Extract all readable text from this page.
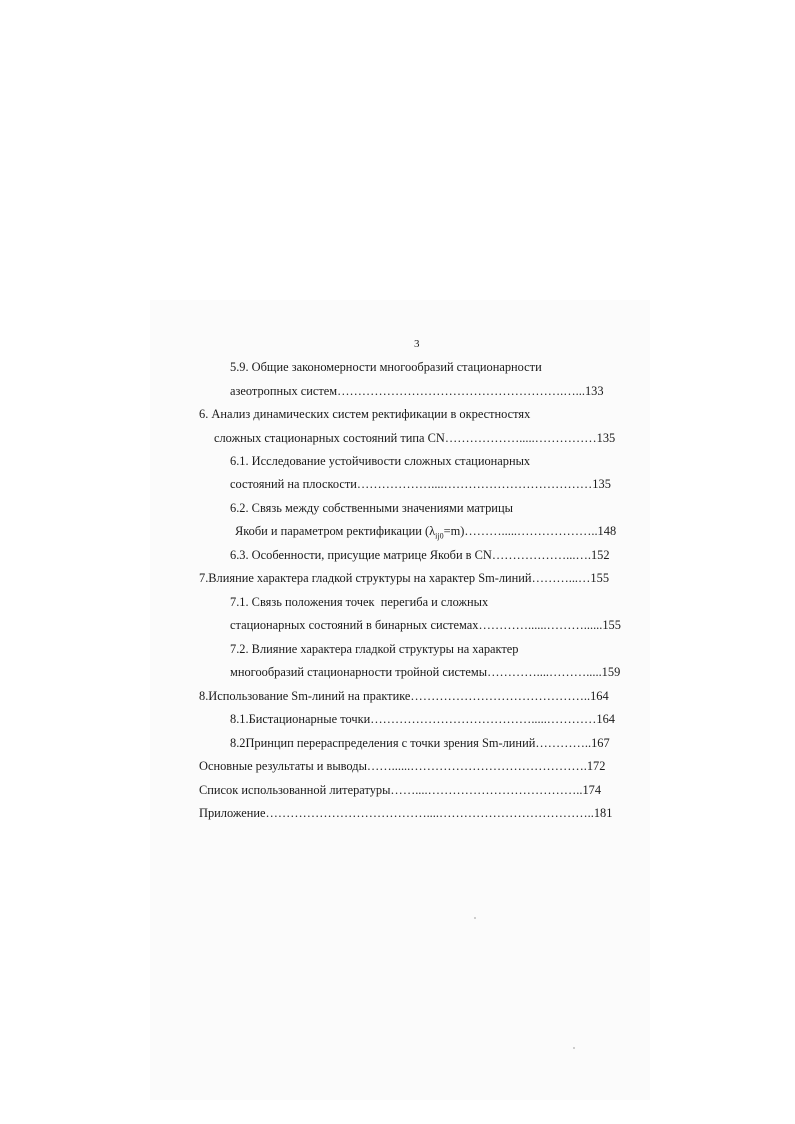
3
5.9. Общие закономерности многообразий стационарности
азеотропных систем……………………………………………….…...133
6. Анализ динамических систем ректификации в окрестностях
сложных стационарных состояний типа CN……………….....……………135
6.1. Исследование устойчивости сложных стационарных
состояний на плоскости………………....………………………………135
6.2. Связь между собственными значениями матрицы
Якоби и параметром ректификации $(\lambda_{ij0}=m)\dots\dots\dots.....\dots\dots\dots\dots\dots\dots..148$
6.3. Особенности, присущие матрице Якоби в CN………………...….152
7.Влияние характера гладкой структуры на характер Sm-линий………...…155
7.1. Связь положения точек  перегиба и сложных
стационарных состояний в бинарных системах…………......………......155
7.2. Влияние характера гладкой структуры на характер
многообразий стационарности тройной системы…………....……….....159
8.Использование Sm-линий на практике……………………………………..164
8.1.Бистационарные точки………………………………….....…………164
8.2Принцип перераспределения с точки зрения Sm-линий…………..167
Основные результаты и выводы……......…………………………………….172
Список использованной литературы……....………………………………..174
Приложение…………………………………....………………………………..181
